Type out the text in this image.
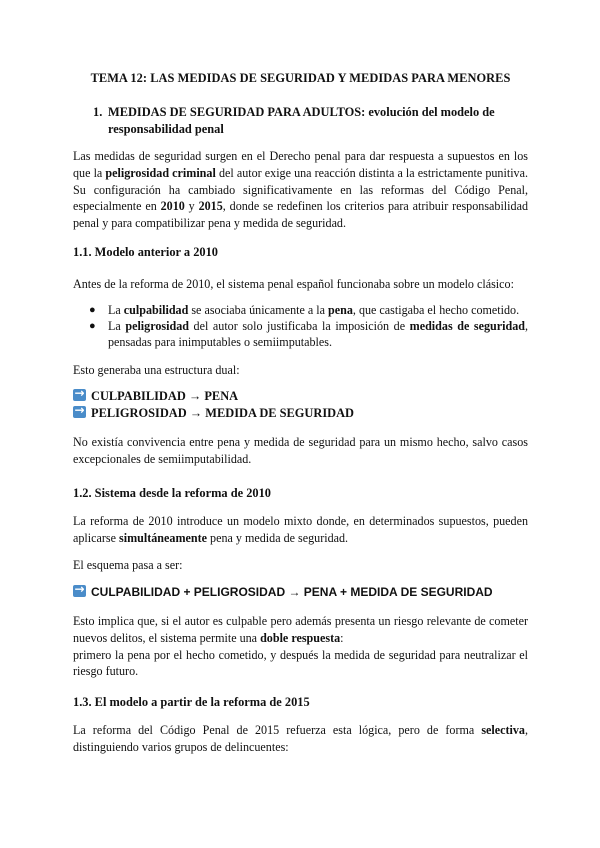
TEMA 12: LAS MEDIDAS DE SEGURIDAD Y MEDIDAS PARA MENORES
1. MEDIDAS DE SEGURIDAD PARA ADULTOS: evolución del modelo de responsabilidad penal

Las medidas de seguridad surgen en el Derecho penal para dar respuesta a supuestos en los que la peligrosidad criminal del autor exige una reacción distinta a la estrictamente punitiva. Su configuración ha cambiado significativamente en las reformas del Código Penal, especialmente en 2010 y 2015, donde se redefinen los criterios para atribuir responsabilidad penal y para compatibilizar pena y medida de seguridad.

1.1. Modelo anterior a 2010

Antes de la reforma de 2010, el sistema penal español funcionaba sobre un modelo clásico:

● La culpabilidad se asociaba únicamente a la pena, que castigaba el hecho cometido.
● La peligrosidad del autor solo justificaba la imposición de medidas de seguridad, pensadas para inimputables o semiimputables.

Esto generaba una estructura dual:

→CULPABILIDAD → PENA
→PELIGROSIDAD → MEDIDA DE SEGURIDAD

No existía convivencia entre pena y medida de seguridad para un mismo hecho, salvo casos excepcionales de semiimputabilidad.

1.2. Sistema desde la reforma de 2010

La reforma de 2010 introduce un modelo mixto donde, en determinados supuestos, pueden aplicarse simultáneamente pena y medida de seguridad.

El esquema pasa a ser:

→CULPABILIDAD + PELIGROSIDAD → PENA + MEDIDA DE SEGURIDAD

Esto implica que, si el autor es culpable pero además presenta un riesgo relevante de cometer nuevos delitos, el sistema permite una doble respuesta:
primero la pena por el hecho cometido, y después la medida de seguridad para neutralizar el riesgo futuro.

1.3. El modelo a partir de la reforma de 2015

La reforma del Código Penal de 2015 refuerza esta lógica, pero de forma selectiva, distinguiendo varios grupos de delincuentes:
